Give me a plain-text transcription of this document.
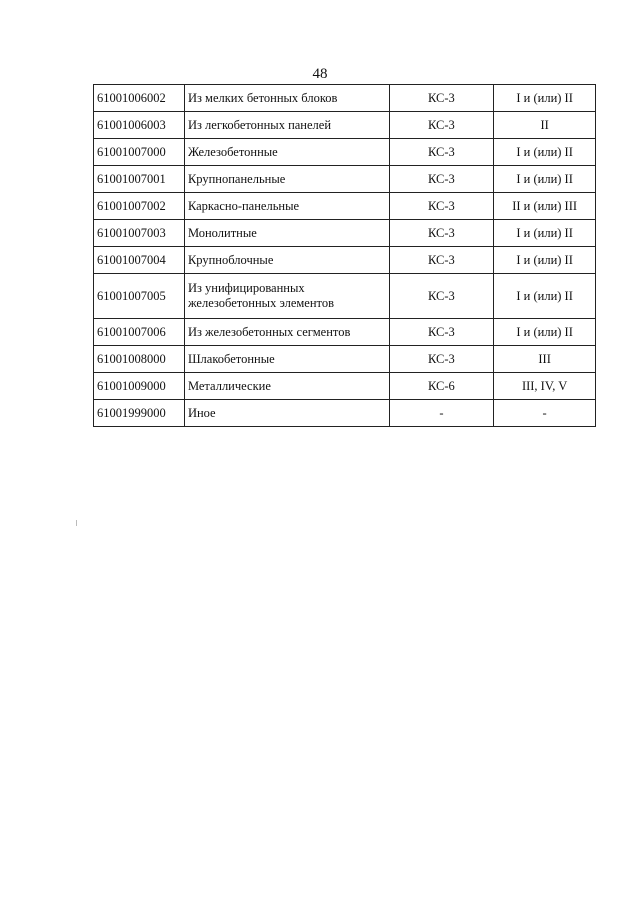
48
61001006002	Из мелких бетонных блоков	КС-3	I и (или) II
61001006003	Из легкобетонных панелей	КС-3	II
61001007000	Железобетонные	КС-3	I и (или) II
61001007001	Крупнопанельные	КС-3	I и (или) II
61001007002	Каркасно-панельные	КС-3	II и (или) III
61001007003	Монолитные	КС-3	I и (или) II
61001007004	Крупноблочные	КС-3	I и (или) II
61001007005	Из унифицированных железобетонных элементов	КС-3	I и (или) II
61001007006	Из железобетонных сегментов	КС-3	I и (или) II
61001008000	Шлакобетонные	КС-3	III
61001009000	Металлические	КС-6	III, IV, V
61001999000	Иное	-	-
